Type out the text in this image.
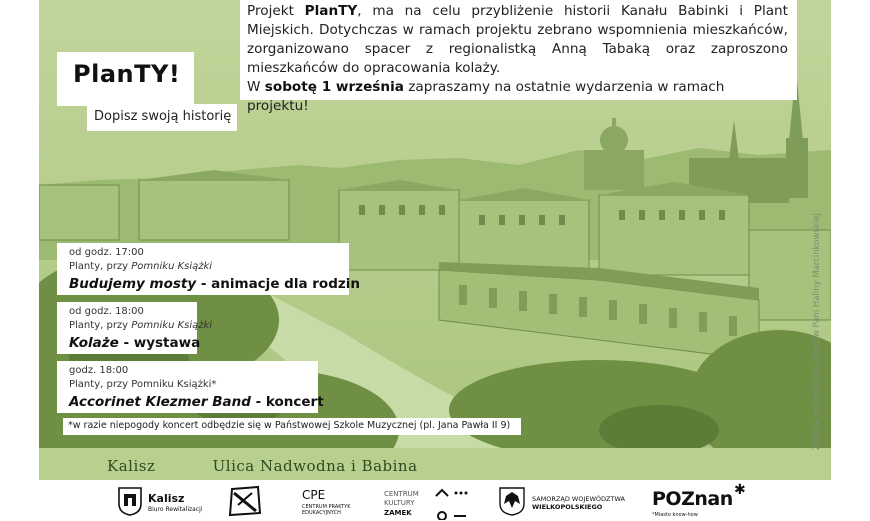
Kalisz	Ulica Nadwodna i Babina
Zdjęcie pochodzi ze zbiorów Pani Haliny Marcinkowskiej

Projekt PlanTY, ma na celu przybliżenie historii Kanału Babinki i Plant Miejskich. Dotychczas w ramach projektu zebrano wspomnienia mieszkańców, zorganizowano spacer z regionalistką Anną Tabaką oraz zaproszono mieszkańców do opracowania kolaży.

W sobotę 1 września zapraszamy na ostatnie wydarzenia w ramach projektu!

PlanTY!
Dopisz swoją historię
od godz. 17:00
Planty, przy Pomniku Książki
Budujemy mosty - animacje dla rodzin
od godz. 18:00
Planty, przy Pomniku Książki
Kolaże - wystawa
godz. 18:00
Planty, przy Pomniku Książki*
Accorinet Klezmer Band - koncert
*w razie niepogody koncert odbędzie się w Państwowej Szkole Muzycznej (pl. Jana Pawła II 9)
Kalisz
Biuro Rewitalizacji
CPE
CENTRUM PRAKTYK
EDUKACYJNYCH
CENTRUM
KULTURY
ZAMEK
SAMORZĄD WOJEWÓDZTWA
WIELKOPOLSKIEGO	POZnan ✱
*Miasto know-how
